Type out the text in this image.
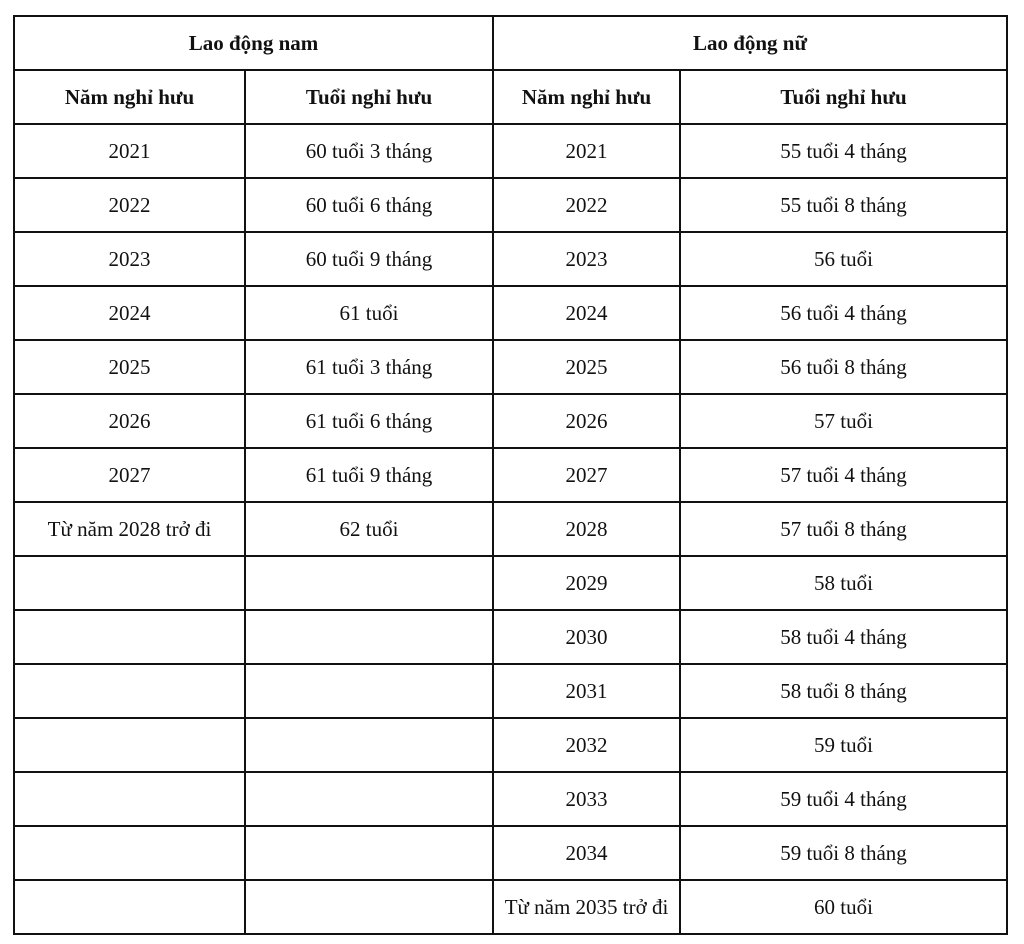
Lao động nam		Lao động nữ	
Năm nghỉ hưu	Tuổi nghỉ hưu	Năm nghỉ hưu	Tuổi nghỉ hưu
2021	60 tuổi 3 tháng	2021	55 tuổi 4 tháng
2022	60 tuổi 6 tháng	2022	55 tuổi 8 tháng
2023	60 tuổi 9 tháng	2023	56 tuổi
2024	61 tuổi	2024	56 tuổi 4 tháng
2025	61 tuổi 3 tháng	2025	56 tuổi 8 tháng
2026	61 tuổi 6 tháng	2026	57 tuổi
2027	61 tuổi 9 tháng	2027	57 tuổi 4 tháng
Từ năm 2028 trở đi	62 tuổi	2028	57 tuổi 8 tháng
		2029	58 tuổi
		2030	58 tuổi 4 tháng
		2031	58 tuổi 8 tháng
		2032	59 tuổi
		2033	59 tuổi 4 tháng
		2034	59 tuổi 8 tháng
		Từ năm 2035 trở đi	60 tuổi
